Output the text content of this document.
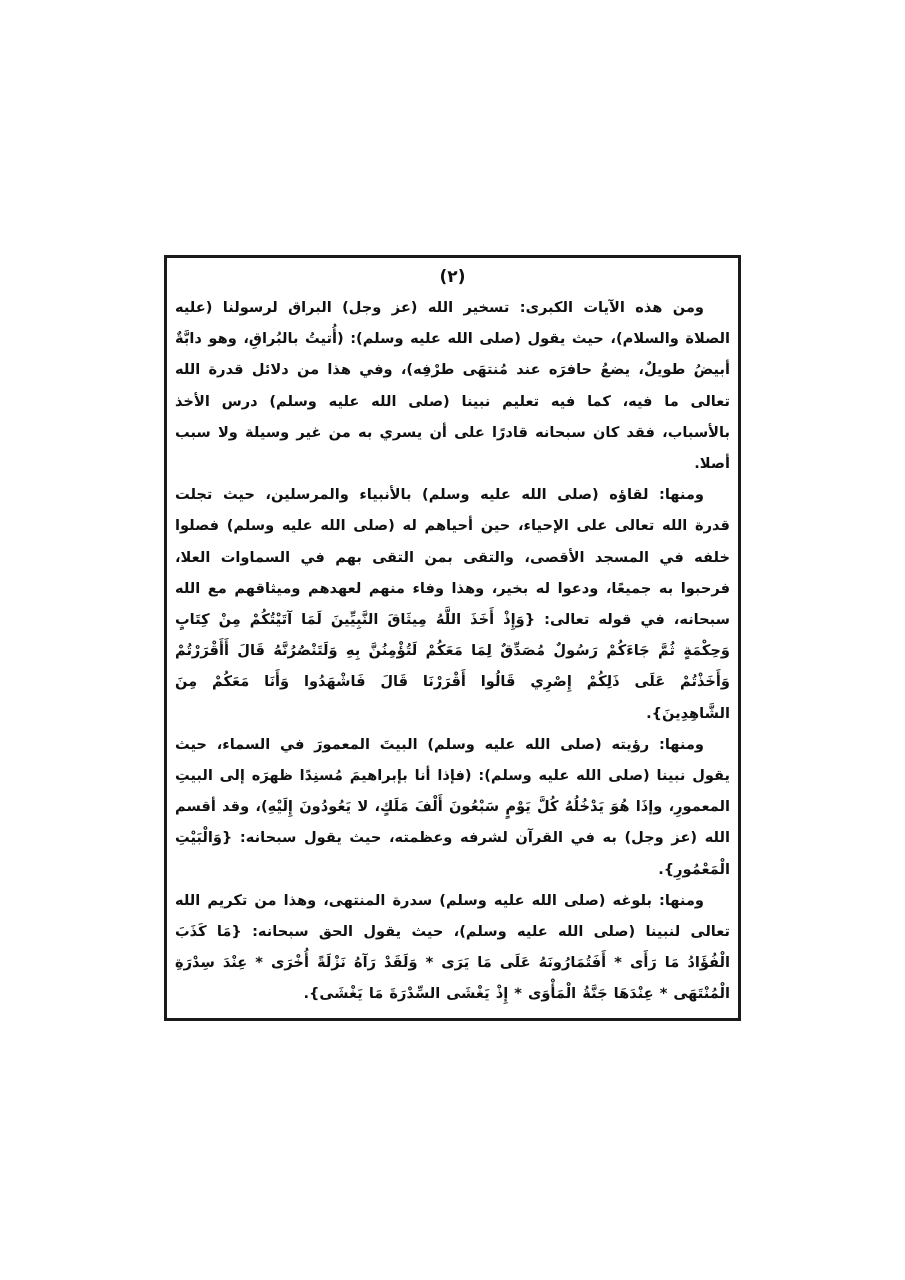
(٢)

ومن هذه الآيات الكبرى: تسخير الله (عز وجل) البراق لرسولنا (عليه الصلاة والسلام)، حيث يقول (صلى الله عليه وسلم): (أُتيتُ بالبُراقِ، وهو دابَّةٌ أبيضُ طويلٌ، يضعُ حافرَه عند مُنتهَى طرْفِه)، وفي هذا من دلائل قدرة الله تعالى ما فيه، كما فيه تعليم نبينا (صلى الله عليه وسلم) درس الأخذ بالأسباب، فقد كان سبحانه قادرًا على أن يسري به من غير وسيلة ولا سبب أصلا.

ومنها: لقاؤه (صلى الله عليه وسلم) بالأنبياء والمرسلين، حيث تجلت قدرة الله تعالى على الإحياء، حين أحياهم له (صلى الله عليه وسلم) فصلوا خلفه في المسجد الأقصى، والتقى بمن التقى بهم في السماوات العلا، فرحبوا به جميعًا، ودعوا له بخير، وهذا وفاء منهم لعهدهم وميثاقهم مع الله سبحانه، في قوله تعالى: {وَإِذْ أَخَذَ اللَّهُ مِيثَاقَ النَّبِيِّينَ لَمَا آتَيْتُكُمْ مِنْ كِتَابٍ وَحِكْمَةٍ ثُمَّ جَاءَكُمْ رَسُولٌ مُصَدِّقٌ لِمَا مَعَكُمْ لَتُؤْمِنُنَّ بِهِ وَلَتَنْصُرُنَّهُ قَالَ أَأَقْرَرْتُمْ وَأَخَذْتُمْ عَلَى ذَلِكُمْ إِصْرِي قَالُوا أَقْرَرْنَا قَالَ فَاشْهَدُوا وَأَنَا مَعَكُمْ مِنَ الشَّاهِدِينَ}.

ومنها: رؤيته (صلى الله عليه وسلم) البيتَ المعمورَ في السماء، حيث يقول نبينا (صلى الله عليه وسلم): (فإذا أنا بإبراهيمَ مُسنِدًا ظهرَه إلى البيتِ المعمورِ، وإذَا هُوَ يَدْخُلُهُ كُلَّ يَوْمٍ سَبْعُونَ أَلْفَ مَلَكٍ، لا يَعُودُونَ إِلَيْهِ)، وقد أقسم الله (عز وجل) به في القرآن لشرفه وعظمته، حيث يقول سبحانه: {وَالْبَيْتِ الْمَعْمُورِ}.

ومنها: بلوغه (صلى الله عليه وسلم) سدرة المنتهى، وهذا من تكريم الله تعالى لنبينا (صلى الله عليه وسلم)، حيث يقول الحق سبحانه: {مَا كَذَبَ الْفُؤَادُ مَا رَأَى * أَفَتُمَارُونَهُ عَلَى مَا يَرَى * وَلَقَدْ رَآهُ نَزْلَةً أُخْرَى * عِنْدَ سِدْرَةِ الْمُنْتَهَى * عِنْدَهَا جَنَّةُ الْمَأْوَى * إِذْ يَغْشَى السِّدْرَةَ مَا يَغْشَى}.
